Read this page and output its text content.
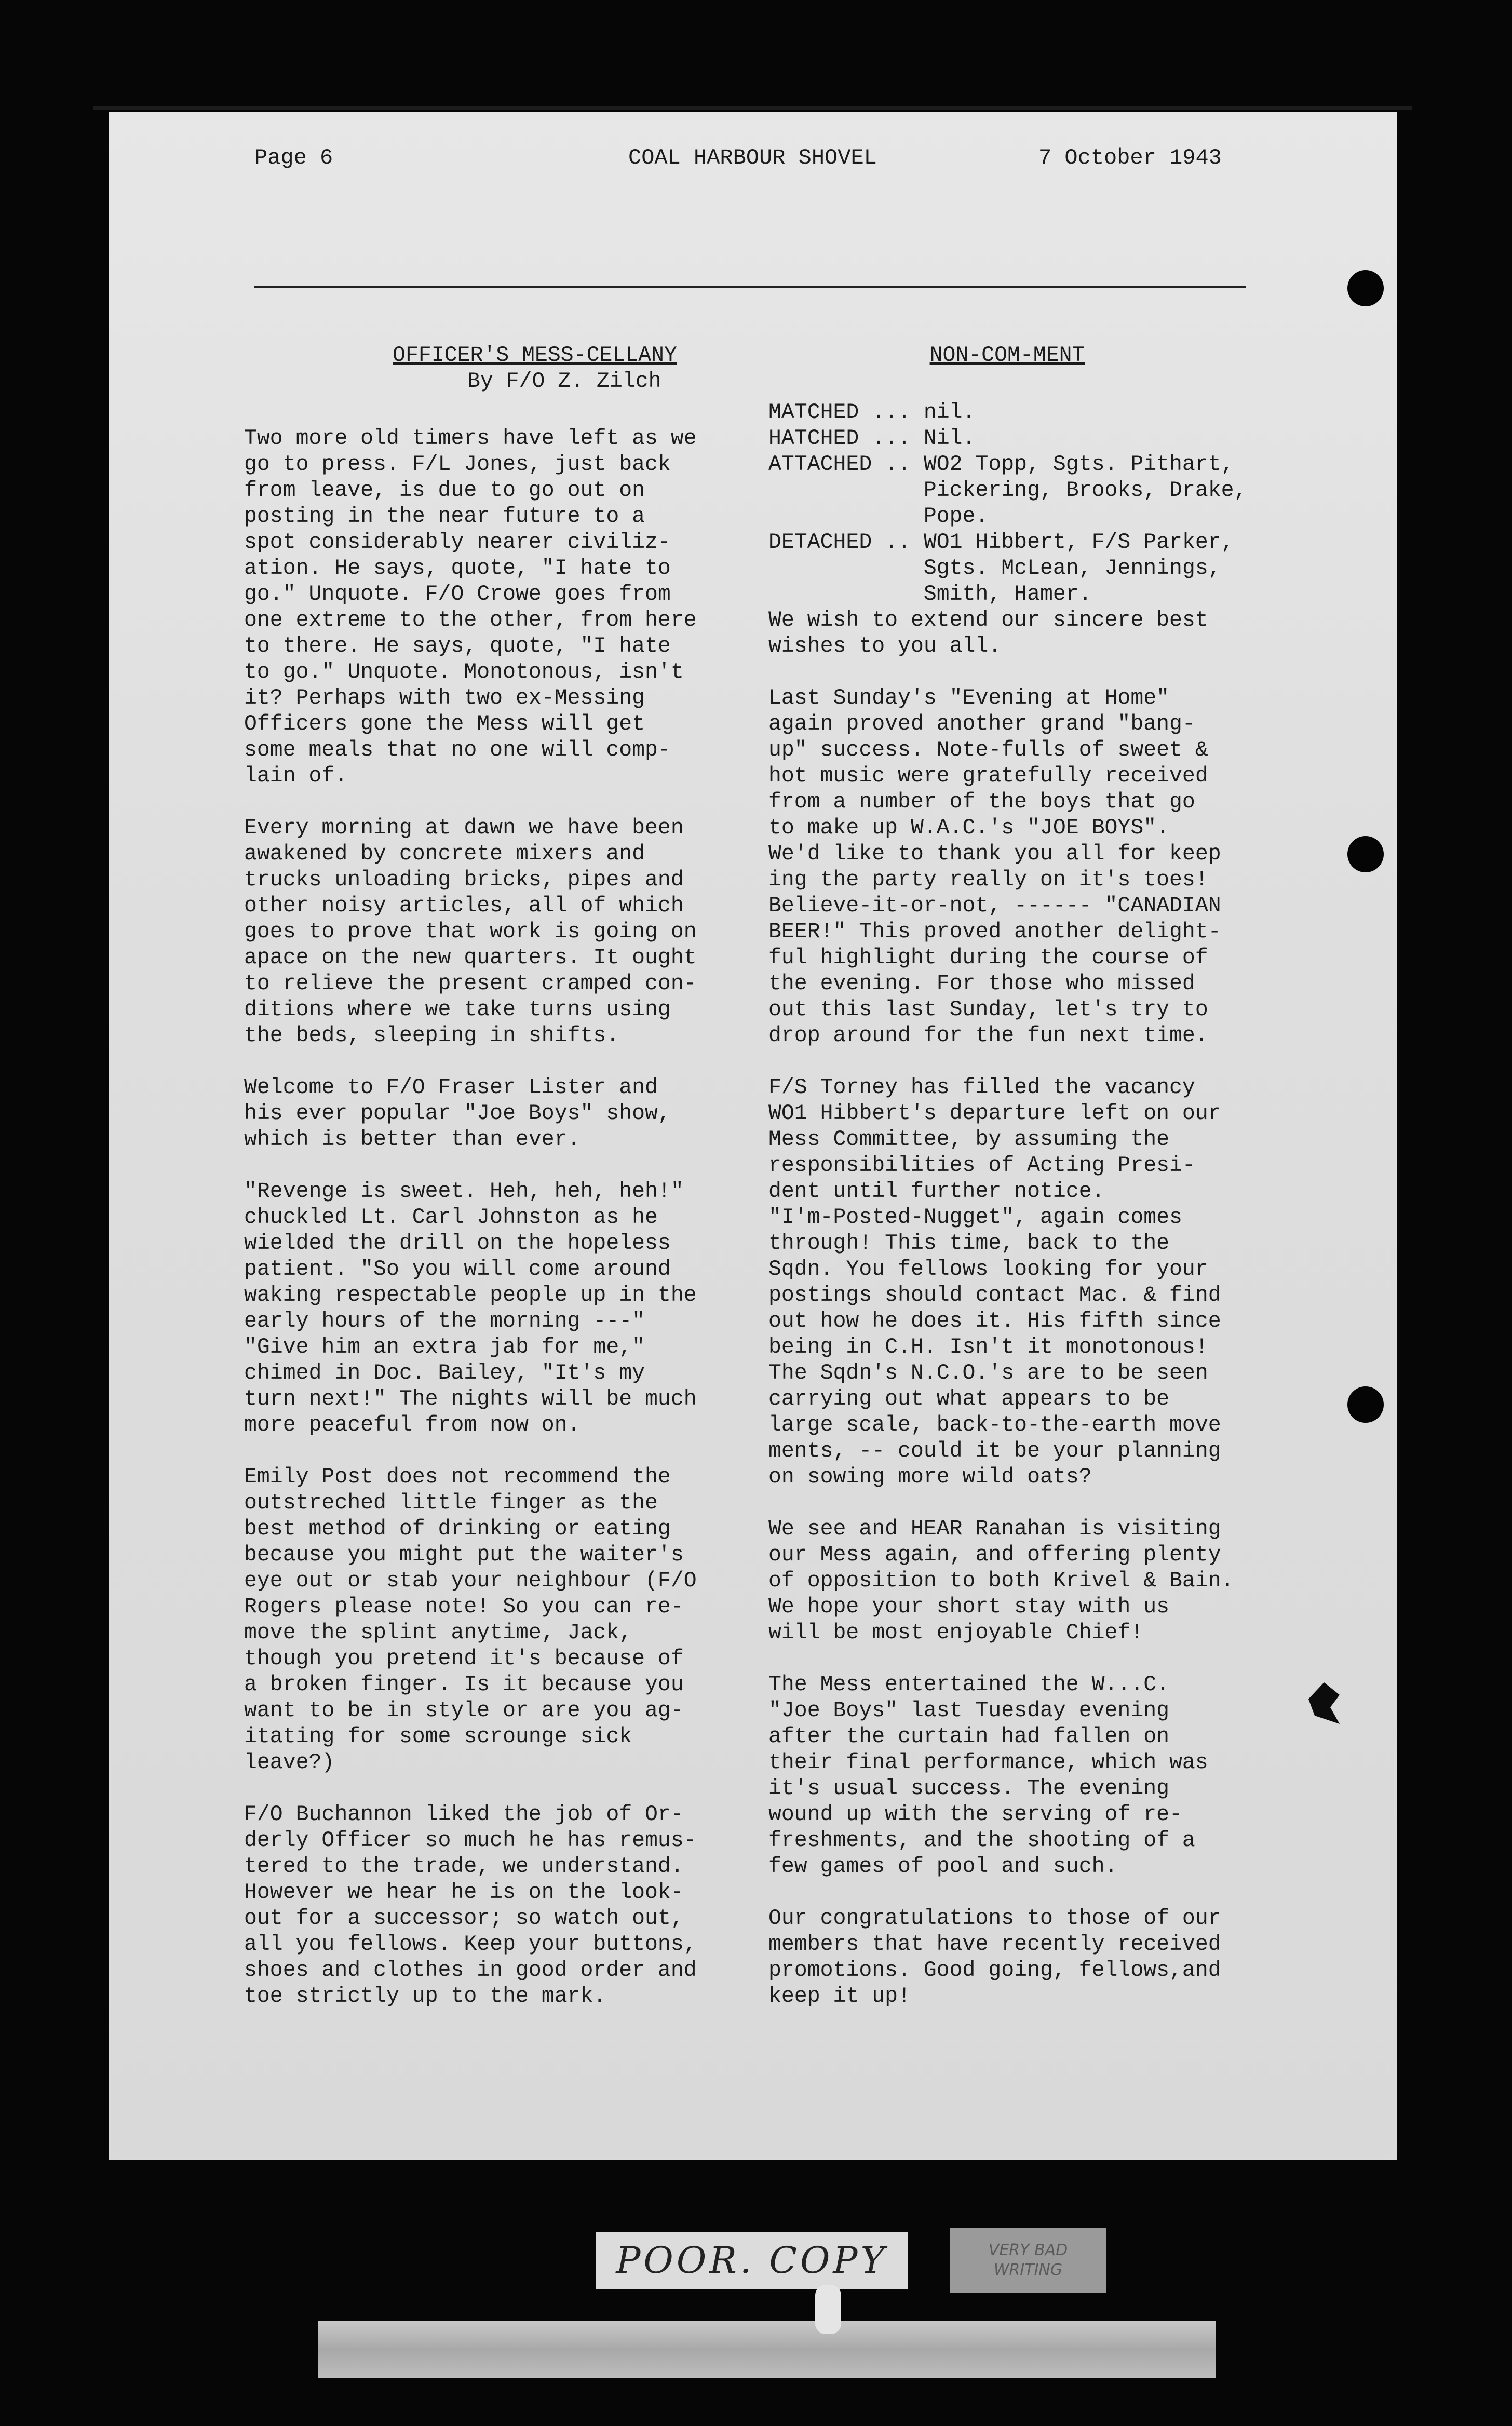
Page 6	COAL HARBOUR SHOVEL	7 October 1943
OFFICER'S MESS-CELLANY
By F/O Z. Zilch

Two more old timers have left as we
go to press. F/L Jones, just back
from leave, is due to go out on
posting in the near future to a
spot considerably nearer civiliz-
ation. He says, quote, "I hate to
go." Unquote. F/O Crowe goes from
one extreme to the other, from here
to there. He says, quote, "I hate
to go." Unquote. Monotonous, isn't
it? Perhaps with two ex-Messing
Officers gone the Mess will get
some meals that no one will comp-
lain of.

Every morning at dawn we have been
awakened by concrete mixers and
trucks unloading bricks, pipes and
other noisy articles, all of which
goes to prove that work is going on
apace on the new quarters. It ought
to relieve the present cramped con-
ditions where we take turns using
the beds, sleeping in shifts.

Welcome to F/O Fraser Lister and
his ever popular "Joe Boys" show,
which is better than ever.

"Revenge is sweet. Heh, heh, heh!"
chuckled Lt. Carl Johnston as he
wielded the drill on the hopeless
patient. "So you will come around
waking respectable people up in the
early hours of the morning ---"
"Give him an extra jab for me,"
chimed in Doc. Bailey, "It's my
turn next!" The nights will be much
more peaceful from now on.

Emily Post does not recommend the
outstreched little finger as the
best method of drinking or eating
because you might put the waiter's
eye out or stab your neighbour (F/O
Rogers please note! So you can re-
move the splint anytime, Jack,
though you pretend it's because of
a broken finger. Is it because you
want to be in style or are you ag-
itating for some scrounge sick
leave?)

F/O Buchannon liked the job of Or-
derly Officer so much he has remus-
tered to the trade, we understand.
However we hear he is on the look-
out for a successor; so watch out,
all you fellows. Keep your buttons,
shoes and clothes in good order and
toe strictly up to the mark.

NON-COM-MENT

MATCHED ... nil.
HATCHED ... Nil.
ATTACHED .. WO2 Topp, Sgts. Pithart,
Pickering, Brooks, Drake,
Pope.
DETACHED .. WO1 Hibbert, F/S Parker,
Sgts. McLean, Jennings,
Smith, Hamer.
We wish to extend our sincere best
wishes to you all.

Last Sunday's "Evening at Home"
again proved another grand "bang-
up" success. Note-fulls of sweet &
hot music were gratefully received
from a number of the boys that go
to make up W.A.C.'s "JOE BOYS".
We'd like to thank you all for keep
ing the party really on it's toes!
Believe-it-or-not, ------ "CANADIAN
BEER!" This proved another delight-
ful highlight during the course of
the evening. For those who missed
out this last Sunday, let's try to
drop around for the fun next time.

F/S Torney has filled the vacancy
WO1 Hibbert's departure left on our
Mess Committee, by assuming the
responsibilities of Acting Presi-
dent until further notice.
"I'm-Posted-Nugget", again comes
through! This time, back to the
Sqdn. You fellows looking for your
postings should contact Mac. & find
out how he does it. His fifth since
being in C.H. Isn't it monotonous!
The Sqdn's N.C.O.'s are to be seen
carrying out what appears to be
large scale, back-to-the-earth move
ments, -- could it be your planning
on sowing more wild oats?

We see and HEAR Ranahan is visiting
our Mess again, and offering plenty
of opposition to both Krivel & Bain.
We hope your short stay with us
will be most enjoyable Chief!

The Mess entertained the W...C.
"Joe Boys" last Tuesday evening
after the curtain had fallen on
their final performance, which was
it's usual success. The evening
wound up with the serving of re-
freshments, and the shooting of a
few games of pool and such.

Our congratulations to those of our
members that have recently received
promotions. Good going, fellows,and
keep it up!

POOR. COPY	VERY BAD
WRITING
